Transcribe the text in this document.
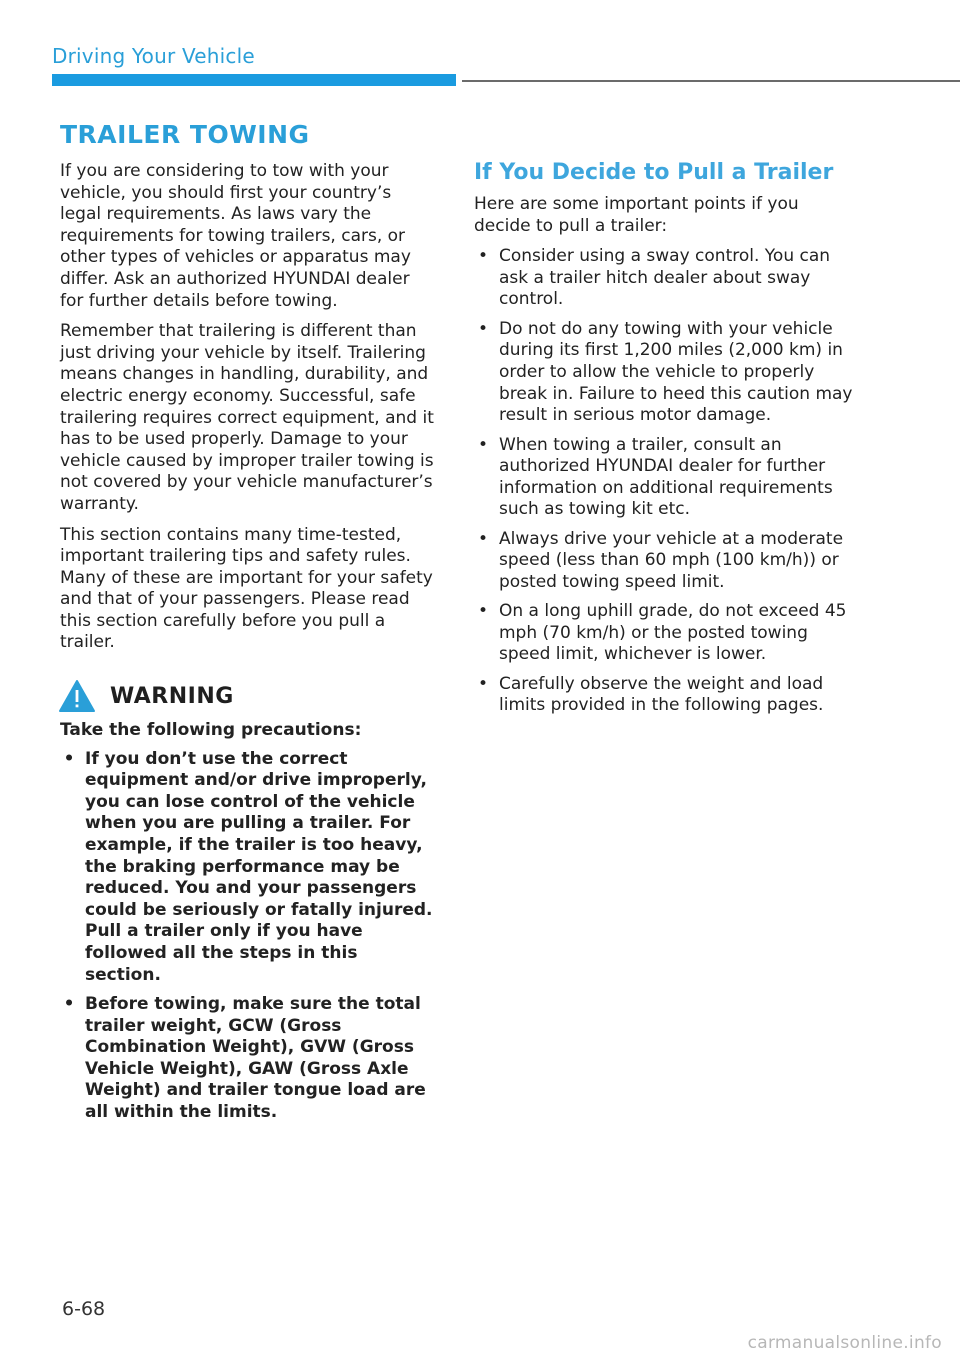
Driving Your Vehicle
TRAILER TOWING

If you are considering to tow with your vehicle, you should first your country’s legal requirements. As laws vary the requirements for towing trailers, cars, or other types of vehicles or apparatus may differ. Ask an authorized HYUNDAI dealer for further details before towing.

Remember that trailering is different than just driving your vehicle by itself. Trailering means changes in handling, durability, and electric energy economy. Successful, safe trailering requires correct equipment, and it has to be used properly. Damage to your vehicle caused by improper trailer towing is not covered by your vehicle manufacturer’s warranty.

This section contains many time-tested, important trailering tips and safety rules. Many of these are important for your safety and that of your passengers. Please read this section carefully before you pull a trailer.

WARNING
Take the following precautions:
• If you don’t use the correct equipment and/or drive improperly, you can lose control of the vehicle when you are pulling a trailer. For example, if the trailer is too heavy, the braking performance may be reduced. You and your passengers could be seriously or fatally injured. Pull a trailer only if you have followed all the steps in this section.
• Before towing, make sure the total trailer weight, GCW (Gross Combination Weight), GVW (Gross Vehicle Weight), GAW (Gross Axle Weight) and trailer tongue load are all within the limits.
If You Decide to Pull a Trailer

Here are some important points if you decide to pull a trailer:

• Consider using a sway control. You can ask a trailer hitch dealer about sway control.
• Do not do any towing with your vehicle during its first 1,200 miles (2,000 km) in order to allow the vehicle to properly break in. Failure to heed this caution may result in serious motor damage.
• When towing a trailer, consult an authorized HYUNDAI dealer for further information on additional requirements such as towing kit etc.
• Always drive your vehicle at a moderate speed (less than 60 mph (100 km/h)) or posted towing speed limit.
• On a long uphill grade, do not exceed 45 mph (70 km/h) or the posted towing speed limit, whichever is lower.
• Carefully observe the weight and load limits provided in the following pages.
6-68
carmanualsonline.info
